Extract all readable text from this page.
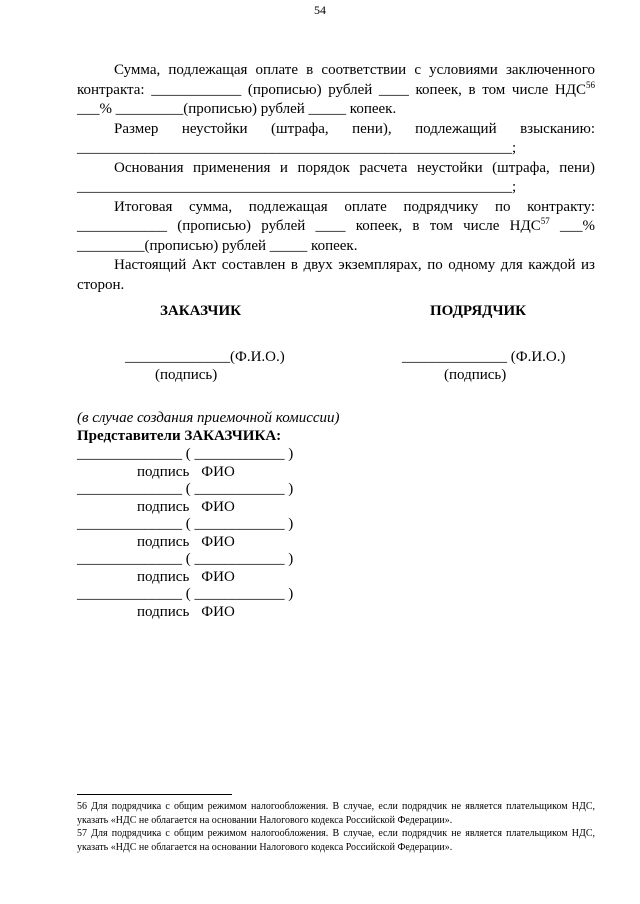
54

Сумма, подлежащая оплате в соответствии с условиями заключенного
контракта: ____________ (прописью) рублей ____ копеек, в том числе НДС$^{56}$
___% _________(прописью) рублей _____ копеек.

Размер неустойки (штрафа, пени), подлежащий взысканию:
__________________________________________________________;

Основания применения и порядок расчета неустойки (штрафа, пени)
__________________________________________________________;

Итоговая сумма, подлежащая оплате подрядчику по контракту:
____________ (прописью) рублей ____ копеек, в том числе НДС$^{57}$ ___%
_________(прописью) рублей _____ копеек.

Настоящий Акт составлен в двух экземплярах, по одному для каждой из
сторон.

ЗАКАЗЧИК	ПОДРЯДЧИК
______________(Ф.И.О.)
(подпись)
______________ (Ф.И.О.)
(подпись)
(в случае создания приемочной комиссии)
Представители ЗАКАЗЧИКА:
______________ ( ____________ )
подпись ФИО
______________ ( ____________ )
подпись ФИО
______________ ( ____________ )
подпись ФИО
______________ ( ____________ )
подпись ФИО
______________ ( ____________ )
подпись ФИО
56 Для подрядчика с общим режимом налогообложения. В случае, если подрядчик не является плательщиком НДС, указать «НДС не облагается на основании Налогового кодекса Российской Федерации».
57 Для подрядчика с общим режимом налогообложения. В случае, если подрядчик не является плательщиком НДС, указать «НДС не облагается на основании Налогового кодекса Российской Федерации».
